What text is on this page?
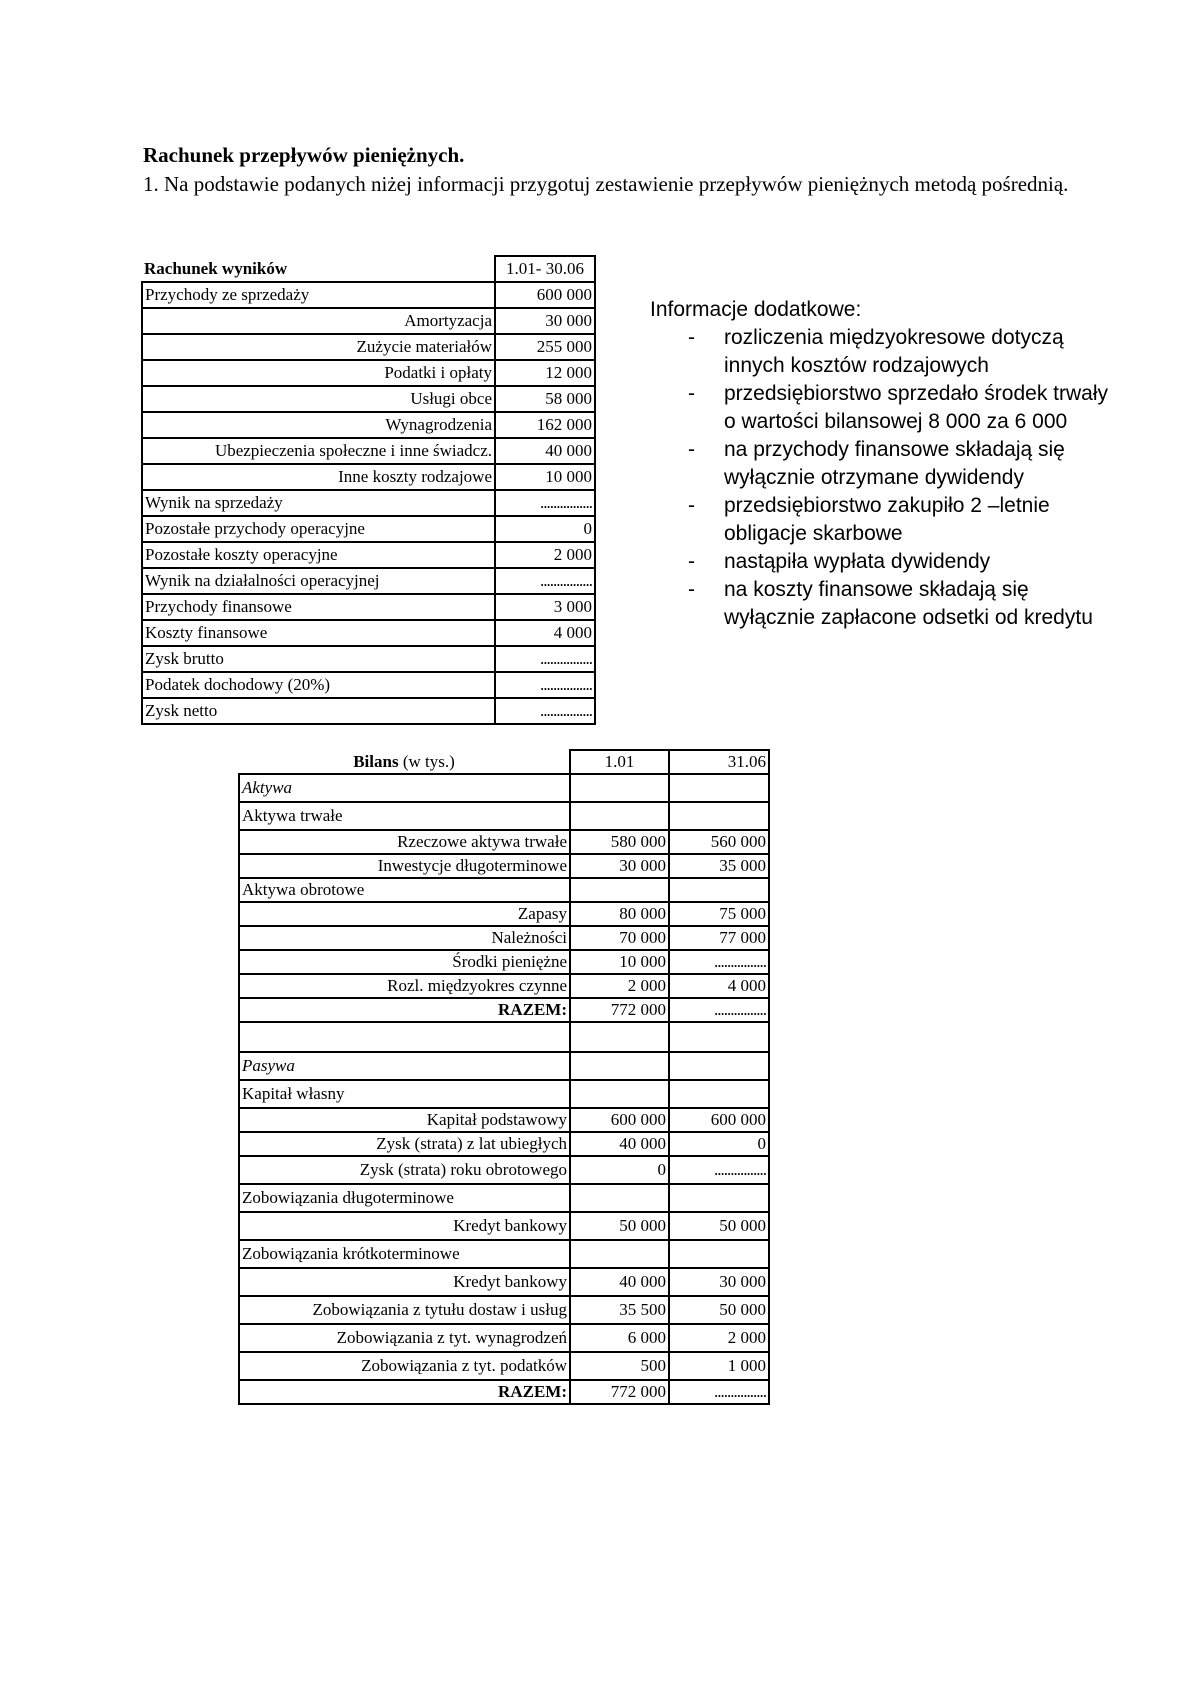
Rachunek przepływów pieniężnych.
1. Na podstawie podanych niżej informacji przygotuj zestawienie przepływów pieniężnych metodą pośrednią.
Rachunek wyników	1.01- 30.06
Przychody ze sprzedaży	600 000
Amortyzacja	30 000
Zużycie materiałów	255 000
Podatki i opłaty	12 000
Usługi obce	58 000
Wynagrodzenia	162 000
Ubezpieczenia społeczne i inne świadcz.	40 000
Inne koszty rodzajowe	10 000
Wynik na sprzedaży	................
Pozostałe przychody operacyjne	0
Pozostałe koszty operacyjne	2 000
Wynik na działalności operacyjnej	................
Przychody finansowe	3 000
Koszty finansowe	4 000
Zysk brutto	................
Podatek dochodowy (20%)	................
Zysk netto	................
Informacje dodatkowe:
- rozliczenia międzyokresowe dotyczą innych kosztów rodzajowych
- przedsiębiorstwo sprzedało środek trwały o wartości bilansowej 8 000 za 6 000
- na przychody finansowe składają się wyłącznie otrzymane dywidendy
- przedsiębiorstwo zakupiło 2 –letnie obligacje skarbowe
- nastąpiła wypłata dywidendy
- na koszty finansowe składają się wyłącznie zapłacone odsetki od kredytu
Bilans (w tys.)	1.01	31.06
Aktywa		
Aktywa trwałe		
Rzeczowe aktywa trwałe	580 000	560 000
Inwestycje długoterminowe	30 000	35 000
Aktywa obrotowe		
Zapasy	80 000	75 000
Należności	70 000	77 000
Środki pieniężne	10 000	................
Rozl. międzyokres czynne	2 000	4 000
RAZEM:	772 000	................

Pasywa		
Kapitał własny		
Kapitał podstawowy	600 000	600 000
Zysk (strata) z lat ubiegłych	40 000	0
Zysk (strata) roku obrotowego	0	................
Zobowiązania długoterminowe		
Kredyt bankowy	50 000	50 000
Zobowiązania krótkoterminowe		
Kredyt bankowy	40 000	30 000
Zobowiązania z tytułu dostaw i usług	35 500	50 000
Zobowiązania z tyt. wynagrodzeń	6 000	2 000
Zobowiązania z tyt. podatków	500	1 000
RAZEM:	772 000	................
